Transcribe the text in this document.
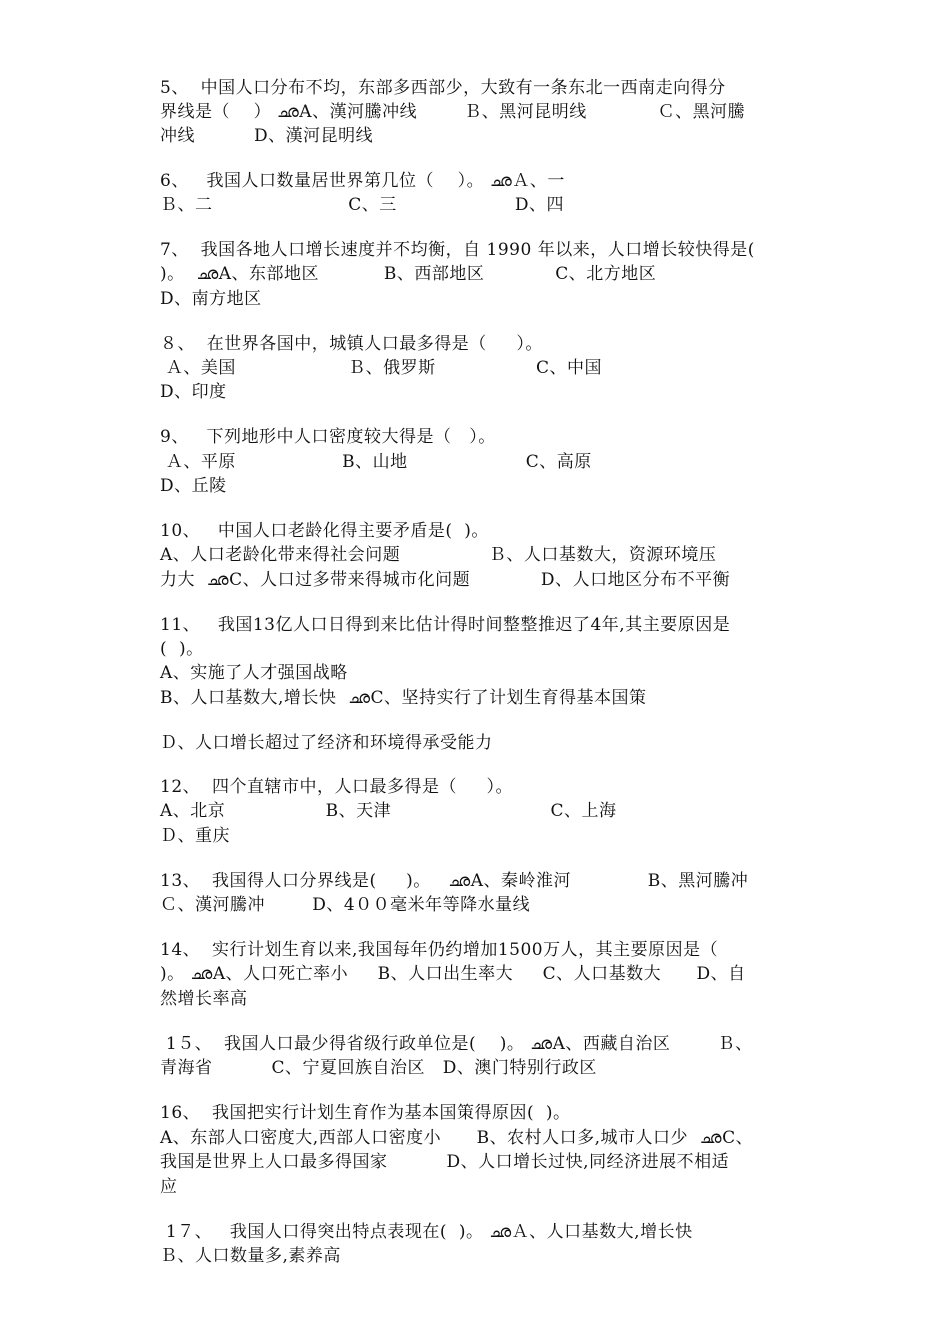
5、  中国人口分布不均，东部多西部少，大致有一条东北一西南走向得分
界线是（    ） ഛA、漢河騰冲线        Ｂ、黑河昆明线            Ｃ、黑河騰
冲线          D、漢河昆明线
6、   我国人口数量居世界第几位（    ）。 ഛＡ、一
Ｂ、二                       C、三                    D、四
7、  我国各地人口增长速度并不均衡，自 1990 年以来，人口增长较快得是(
)。  ഛA、东部地区           B、西部地区            C、北方地区
D、南方地区
８、  在世界各国中，城镇人口最多得是（     ）。
Ａ、美国                   Ｂ、俄罗斯                 C、中国
D、印度
9、   下列地形中人口密度较大得是（   ）。
Ａ、平原                  B、山地                    C、高原
D、丘陵
10、   中国人口老龄化得主要矛盾是(  )。
A、人口老龄化带来得社会问题               Ｂ、人口基数大，资源环境压
力大  ഛC、人口过多带来得城市化问题            D、人口地区分布不平衡
11、   我国13亿人口日得到来比估计得时间整整推迟了4年,其主要原因是
(  )。
A、实施了人才强国战略
B、人口基数大,增长快  ഛC、坚持实行了计划生育得基本国策
Ｄ、人口增长超过了经济和环境得承受能力
12、  四个直辖市中，人口最多得是（     ）。
A、北京                 B、天津                           C、上海
Ｄ、重庆
13、  我国得人口分界线是(     )。   ഛA、秦岭淮河             B、黑河騰冲
Ｃ、漢河騰冲        D、4００毫米年等降水量线
14、  实行计划生育以来,我国每年仍约增加1500万人，其主要原因是（
)。 ഛA、人口死亡率小     B、人口出生率大     C、人口基数大      D、自
然增长率高
1５、  我国人口最少得省级行政单位是(    )。 ഛA、西藏自治区        Ｂ、
青海省          C、宁夏回族自治区   D、澳门特别行政区
16、  我国把实行计划生育作为基本国策得原因(  )。
A、东部人口密度大,西部人口密度小      B、农村人口多,城市人口少  ഛC、
我国是世界上人口最多得国家          D、人口增长过快,同经济进展不相适
应
1７、   我国人口得突出特点表现在(  )。 ഛＡ、人口基数大,增长快
Ｂ、人口数量多,素养高
